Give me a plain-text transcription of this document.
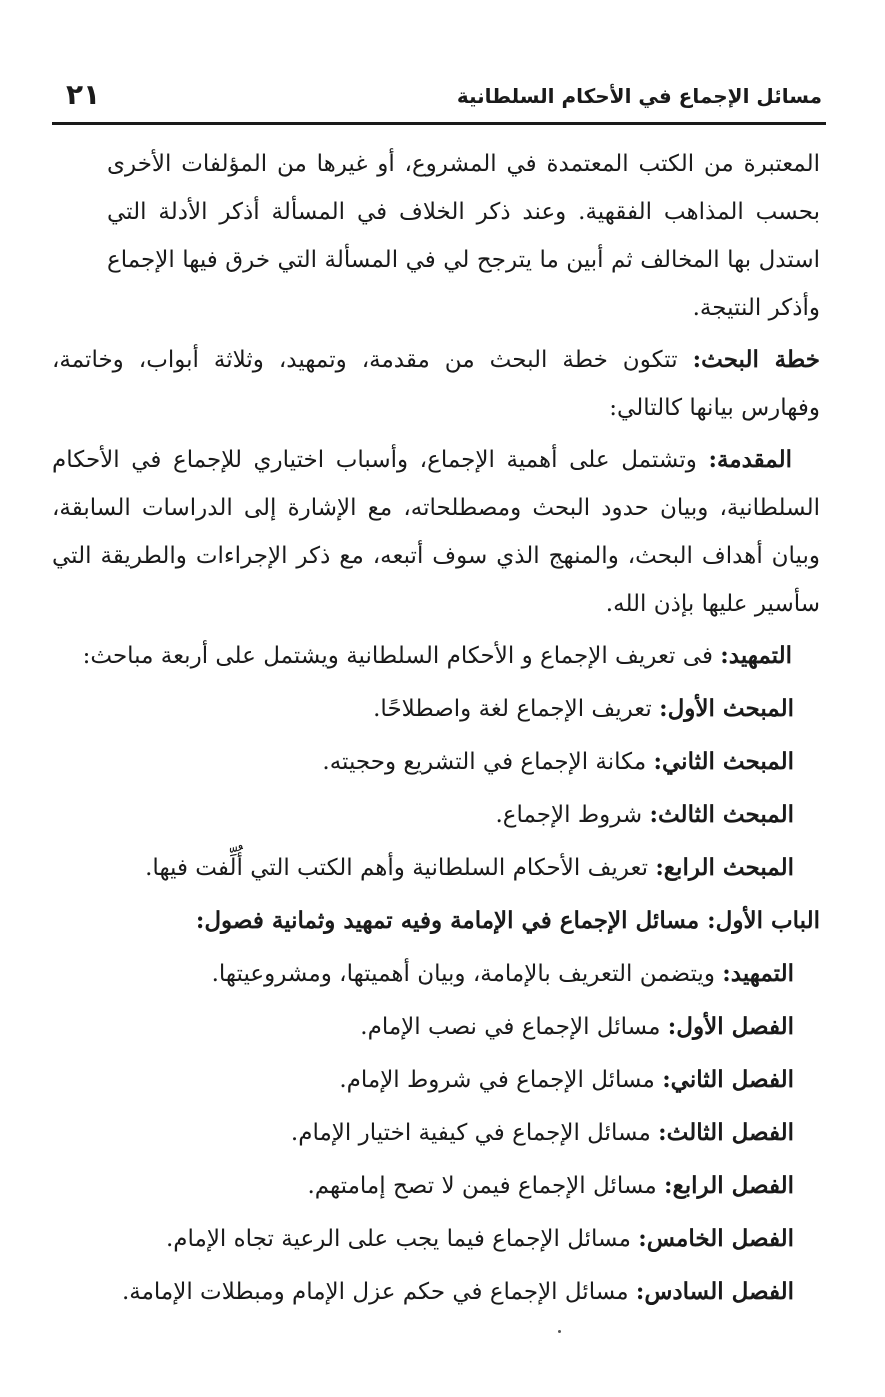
مسائل الإجماع في الأحكام السلطانية
٢١

المعتبرة من الكتب المعتمدة في المشروع، أو غيرها من المؤلفات الأخرى بحسب المذاهب الفقهية. وعند ذكر الخلاف في المسألة أذكر الأدلة التي استدل بها المخالف ثم أبين ما يترجح لي في المسألة التي خرق فيها الإجماع وأذكر النتيجة.

خطة البحث: تتكون خطة البحث من مقدمة، وتمهيد، وثلاثة أبواب، وخاتمة، وفهارس بيانها كالتالي:

المقدمة: وتشتمل على أهمية الإجماع، وأسباب اختياري للإجماع في الأحكام السلطانية، وبيان حدود البحث ومصطلحاته، مع الإشارة إلى الدراسات السابقة، وبيان أهداف البحث، والمنهج الذي سوف أتبعه، مع ذكر الإجراءات والطريقة التي سأسير عليها بإذن الله.

التمهيد: فى تعريف الإجماع و الأحكام السلطانية ويشتمل على أربعة مباحث:

المبحث الأول: تعريف الإجماع لغة واصطلاحًا.
المبحث الثاني: مكانة الإجماع في التشريع وحجيته.
المبحث الثالث: شروط الإجماع.
المبحث الرابع: تعريف الأحكام السلطانية وأهم الكتب التي أُلِّفت فيها.
الباب الأول: مسائل الإجماع في الإمامة وفيه تمهيد وثمانية فصول:
التمهيد: ويتضمن التعريف بالإمامة، وبيان أهميتها، ومشروعيتها.
الفصل الأول: مسائل الإجماع في نصب الإمام.
الفصل الثاني: مسائل الإجماع في شروط الإمام.
الفصل الثالث: مسائل الإجماع في كيفية اختيار الإمام.
الفصل الرابع: مسائل الإجماع فيمن لا تصح إمامتهم.
الفصل الخامس: مسائل الإجماع فيما يجب على الرعية تجاه الإمام.
الفصل السادس: مسائل الإجماع في حكم عزل الإمام ومبطلات الإمامة.
